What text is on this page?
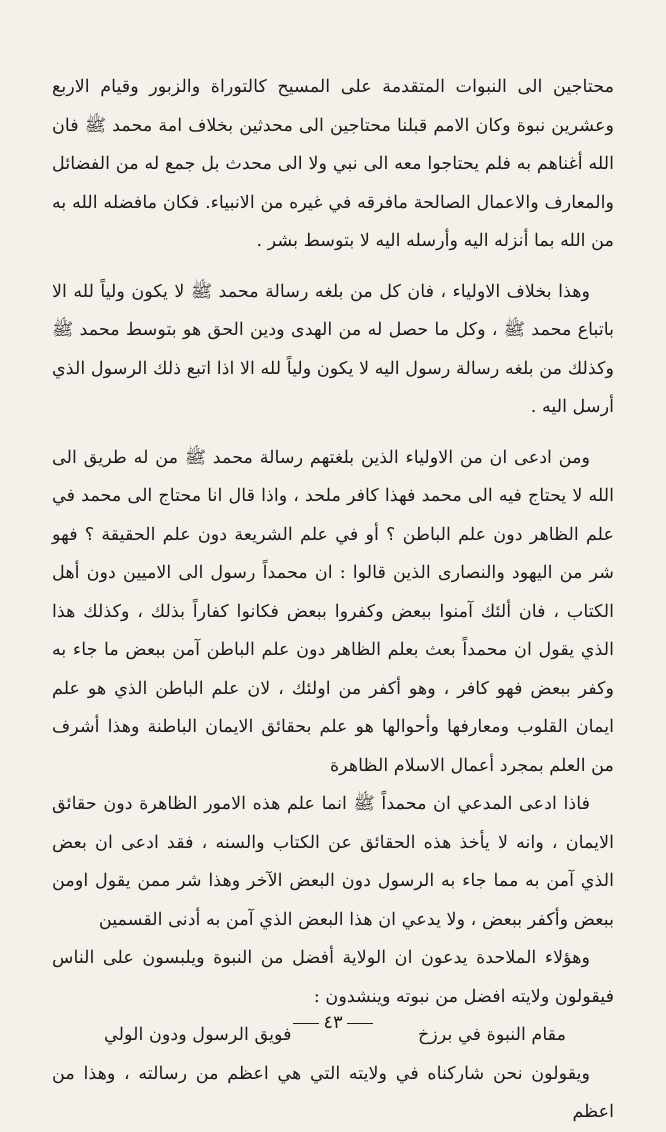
محتاجين الى النبوات المتقدمة على المسيح كالتوراة والزبور وقيام الاربع وعشرين نبوة وكان الامم قبلنا محتاجين الى محدثين بخلاف امة محمد ﷺ فان الله أغناهم به فلم يحتاجوا معه الى نبي ولا الى محدث بل جمع له من الفضائل والمعارف والاعمال الصالحة مافرقه في غيره من الانبياء. فكان مافضله الله به من الله بما أنزله اليه وأرسله اليه لا بتوسط بشر .

وهذا بخلاف الاولياء ، فان كل من بلغه رسالة محمد ﷺ لا يكون ولياً لله الا باتباع محمد ﷺ ، وكل ما حصل له من الهدى ودين الحق هو بتوسط محمد ﷺ وكذلك من بلغه رسالة رسول اليه لا يكون ولياً لله الا اذا اتبع ذلك الرسول الذي أرسل اليه .

ومن ادعى ان من الاولياء الذين بلغتهم رسالة محمد ﷺ من له طريق الى الله لا يحتاج فيه الى محمد فهذا كافر ملحد ، واذا قال انا محتاج الى محمد في علم الظاهر دون علم الباطن ؟ أو في علم الشريعة دون علم الحقيقة ؟ فهو شر من اليهود والنصارى الذين قالوا : ان محمداً رسول الى الاميين دون أهل الكتاب ، فان ألئك آمنوا ببعض وكفروا ببعض فكانوا كفاراً بذلك ، وكذلك هذا الذي يقول ان محمداً بعث بعلم الظاهر دون علم الباطن آمن ببعض ما جاء به وكفر ببعض فهو كافر ، وهو أكفر من اولئك ، لان علم الباطن الذي هو علم ايمان القلوب ومعارفها وأحوالها هو علم بحقائق الايمان الباطنة وهذا أشرف من العلم بمجرد أعمال الاسلام الظاهرة

فاذا ادعى المدعي ان محمداً ﷺ انما علم هذه الامور الظاهرة دون حقائق الايمان ، وانه لا يأخذ هذه الحقائق عن الكتاب والسنه ، فقد ادعى ان بعض الذي آمن به مما جاء به الرسول دون البعض الآخر وهذا شر ممن يقول اومن ببعض وأكفر ببعض ، ولا يدعي ان هذا البعض الذي آمن به أدنى القسمين

وهؤلاء الملاحدة يدعون ان الولاية أفضل من النبوة ويلبسون على الناس فيقولون ولايته افضل من نبوته وينشدون :

مقام النبوة في برزخ
فويق الرسول ودون الولي

ويقولون نحن شاركناه في ولايته التي هي اعظم من رسالته ، وهذا من اعظم

٤٣
